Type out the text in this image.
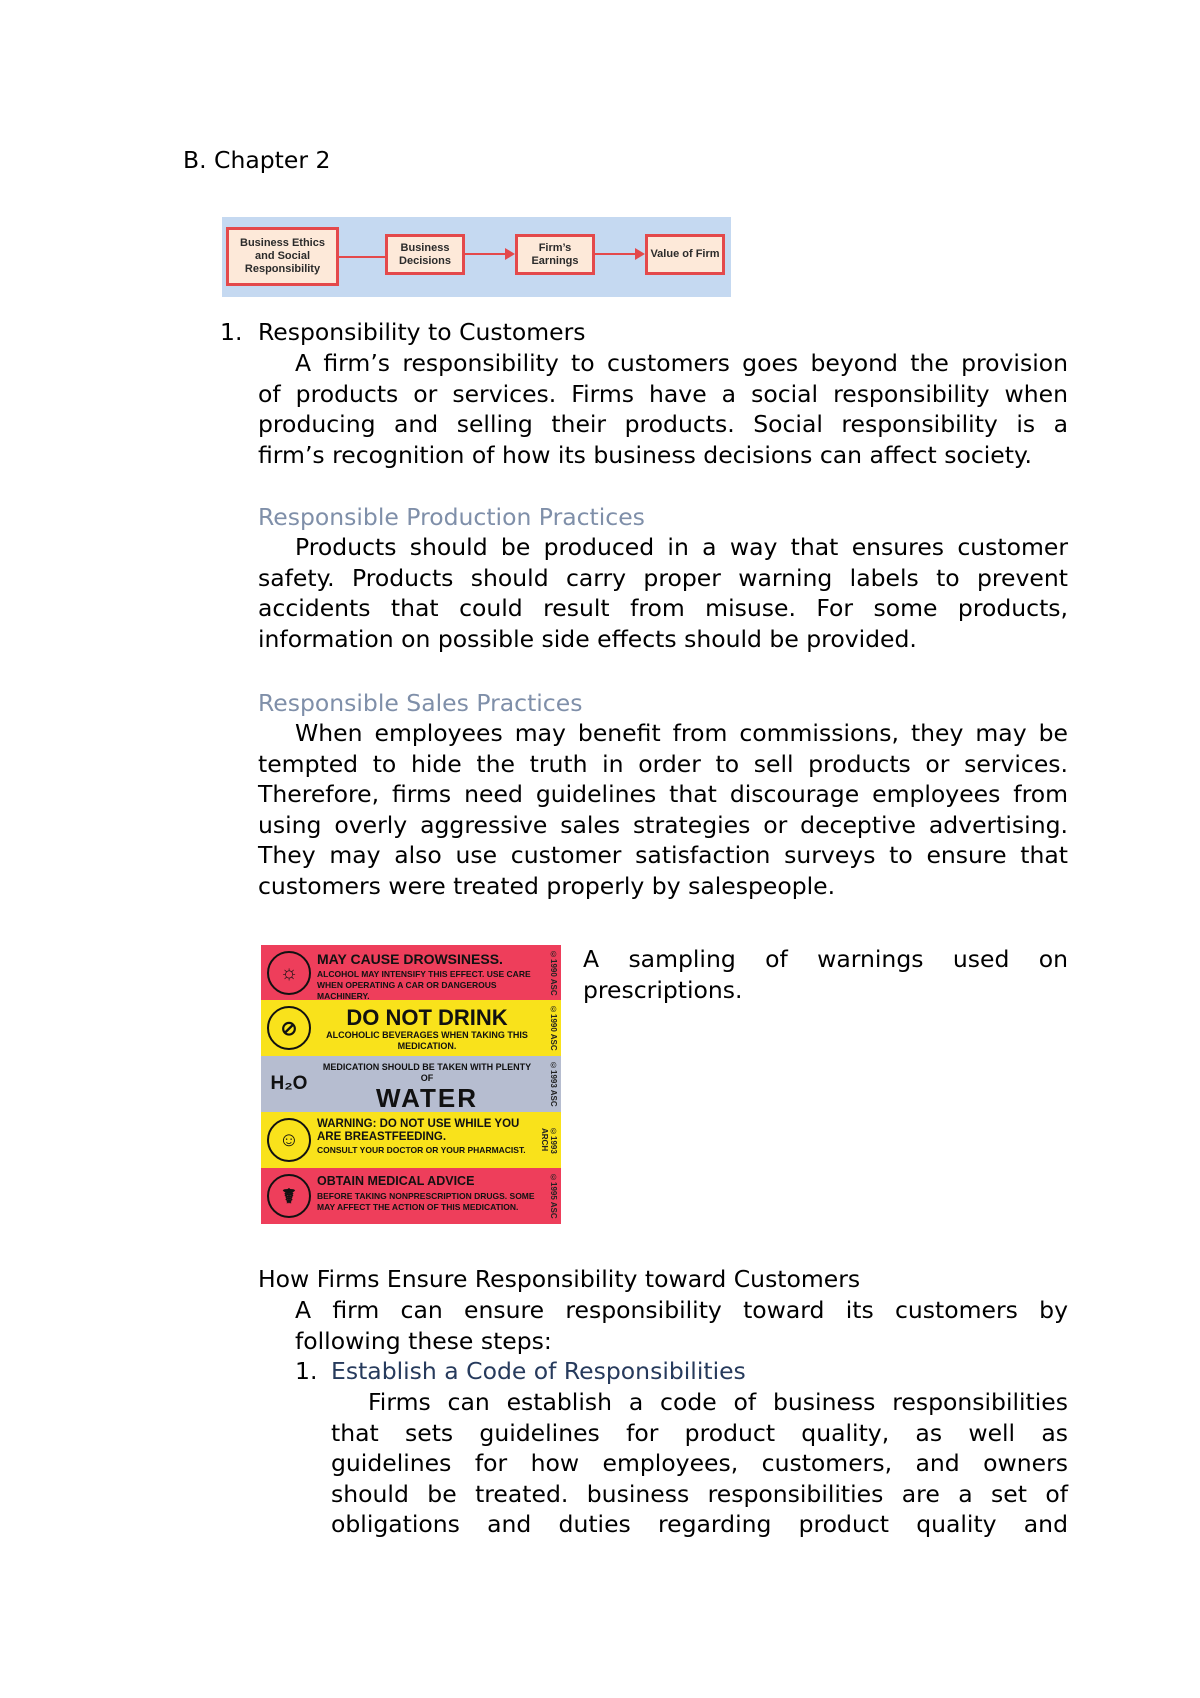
B. Chapter 2
Business Ethics and Social Responsibility
Business Decisions
Firm’s Earnings
Value of Firm
1. Responsibility to Customers
A firm’s responsibility to customers goes beyond the provision
of products or services. Firms have a social responsibility when
producing and selling their products. Social responsibility is a
firm’s recognition of how its business decisions can affect society.
Responsible Production Practices
Products should be produced in a way that ensures customer
safety. Products should carry proper warning labels to prevent
accidents that could result from misuse. For some products,
information on possible side effects should be provided.
Responsible Sales Practices
When employees may benefit from commissions, they may be
tempted to hide the truth in order to sell products or services.
Therefore, firms need guidelines that discourage employees from
using overly aggressive sales strategies or deceptive advertising.
They may also use customer satisfaction surveys to ensure that
customers were treated properly by salespeople.
☼
MAY CAUSE DROWSINESS.
ALCOHOL MAY INTENSIFY THIS EFFECT. USE CARE WHEN OPERATING A CAR OR DANGEROUS MACHINERY.
©1990 ASC
⊘	DO NOT DRINK
ALCOHOLIC BEVERAGES WHEN TAKING THIS MEDICATION.	©1990 ASC
H₂O
MEDICATION SHOULD BE TAKEN WITH PLENTY OF
WATER	©1993 ASC
☺
WARNING: DO NOT USE WHILE YOU ARE BREASTFEEDING.
CONSULT YOUR DOCTOR OR YOUR PHARMACIST.	©1993 ARCH
☤
OBTAIN MEDICAL ADVICE
BEFORE TAKING NONPRESCRIPTION DRUGS. SOME MAY AFFECT THE ACTION OF THIS MEDICATION.	©1995 ASC
A sampling of warnings used on
prescriptions.
How Firms Ensure Responsibility toward Customers
A firm can ensure responsibility toward its customers by
following these steps:
1. Establish a Code of Responsibilities
Firms can establish a code of business responsibilities
that sets guidelines for product quality, as well as
guidelines for how employees, customers, and owners
should be treated. business responsibilities are a set of
obligations and duties regarding product quality and
